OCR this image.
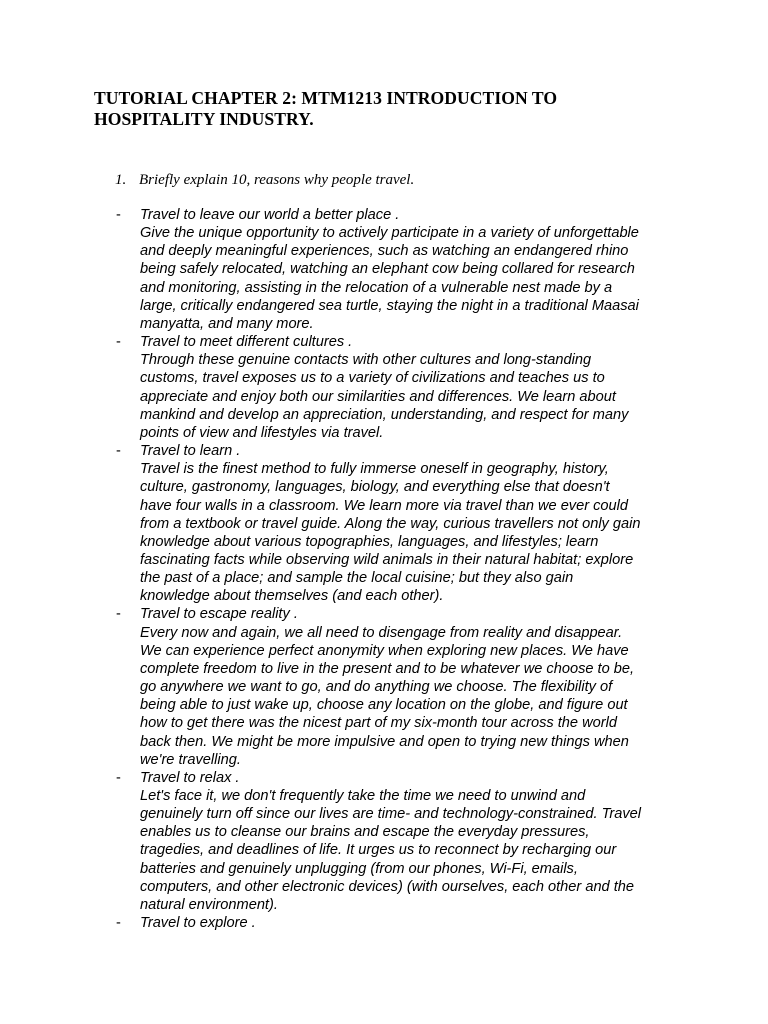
TUTORIAL CHAPTER 2: MTM1213 INTRODUCTION TO
HOSPITALITY INDUSTRY.
1. Briefly explain 10, reasons why people travel.
- Travel to leave our world a better place .
Give the unique opportunity to actively participate in a variety of unforgettable
and deeply meaningful experiences, such as watching an endangered rhino
being safely relocated, watching an elephant cow being collared for research
and monitoring, assisting in the relocation of a vulnerable nest made by a
large, critically endangered sea turtle, staying the night in a traditional Maasai
manyatta, and many more.
- Travel to meet different cultures .
Through these genuine contacts with other cultures and long-standing
customs, travel exposes us to a variety of civilizations and teaches us to
appreciate and enjoy both our similarities and differences. We learn about
mankind and develop an appreciation, understanding, and respect for many
points of view and lifestyles via travel.
- Travel to learn .
Travel is the finest method to fully immerse oneself in geography, history,
culture, gastronomy, languages, biology, and everything else that doesn't
have four walls in a classroom. We learn more via travel than we ever could
from a textbook or travel guide. Along the way, curious travellers not only gain
knowledge about various topographies, languages, and lifestyles; learn
fascinating facts while observing wild animals in their natural habitat; explore
the past of a place; and sample the local cuisine; but they also gain
knowledge about themselves (and each other).
- Travel to escape reality .
Every now and again, we all need to disengage from reality and disappear.
We can experience perfect anonymity when exploring new places. We have
complete freedom to live in the present and to be whatever we choose to be,
go anywhere we want to go, and do anything we choose. The flexibility of
being able to just wake up, choose any location on the globe, and figure out
how to get there was the nicest part of my six-month tour across the world
back then. We might be more impulsive and open to trying new things when
we're travelling.
- Travel to relax .
Let's face it, we don't frequently take the time we need to unwind and
genuinely turn off since our lives are time- and technology-constrained. Travel
enables us to cleanse our brains and escape the everyday pressures,
tragedies, and deadlines of life. It urges us to reconnect by recharging our
batteries and genuinely unplugging (from our phones, Wi-Fi, emails,
computers, and other electronic devices) (with ourselves, each other and the
natural environment).
- Travel to explore .
